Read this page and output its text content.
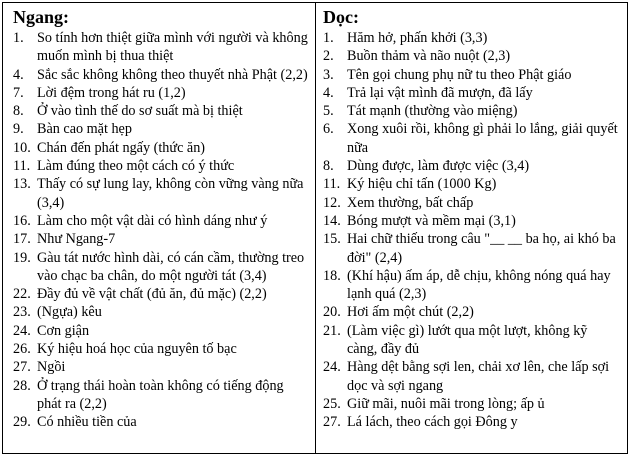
Ngang:
1. So tính hơn thiệt giữa mình với người và không muốn mình bị thua thiệt
4. Sắc sắc không không theo thuyết nhà Phật (2,2)
7. Lời đệm trong hát ru (1,2)
8. Ở vào tình thế do sơ suất mà bị thiệt
9. Bàn cao mặt hẹp
10. Chán đến phát ngấy (thức ăn)
11. Làm đúng theo một cách có ý thức
13. Thấy có sự lung lay, không còn vững vàng nữa (3,4)
16. Làm cho một vật dài có hình dáng như ý
17. Như Ngang-7
19. Gàu tát nước hình dài, có cán cầm, thường treo vào chạc ba chân, do một người tát (3,4)
22. Đầy đủ về vật chất (đủ ăn, đủ mặc) (2,2)
23. (Ngựa) kêu
24. Cơn giận
26. Ký hiệu hoá học của nguyên tố bạc
27. Ngồi
28. Ở trạng thái hoàn toàn không có tiếng động phát ra (2,2)
29. Có nhiều tiền của
Dọc:
1. Hăm hở, phấn khởi (3,3)
2. Buồn thảm và não nuột (2,3)
3. Tên gọi chung phụ nữ tu theo Phật giáo
4. Trả lại vật mình đã mượn, đã lấy
5. Tát mạnh (thường vào miệng)
6. Xong xuôi rồi, không gì phải lo lắng, giải quyết nữa
8. Dùng được, làm được việc (3,4)
11. Ký hiệu chỉ tấn (1000 Kg)
12. Xem thường, bất chấp
14. Bóng mượt và mềm mại (3,1)
15. Hai chữ thiếu trong câu "__ __ ba họ, ai khó ba đời" (2,4)
18. (Khí hậu) ấm áp, dễ chịu, không nóng quá hay lạnh quá (2,3)
20. Hơi ấm một chút (2,2)
21. (Làm việc gì) lướt qua một lượt, không kỹ càng, đầy đủ
24. Hàng dệt bằng sợi len, chải xơ lên, che lấp sợi dọc và sợi ngang
25. Giữ mãi, nuôi mãi trong lòng; ấp ủ
27. Lá lách, theo cách gọi Đông y
